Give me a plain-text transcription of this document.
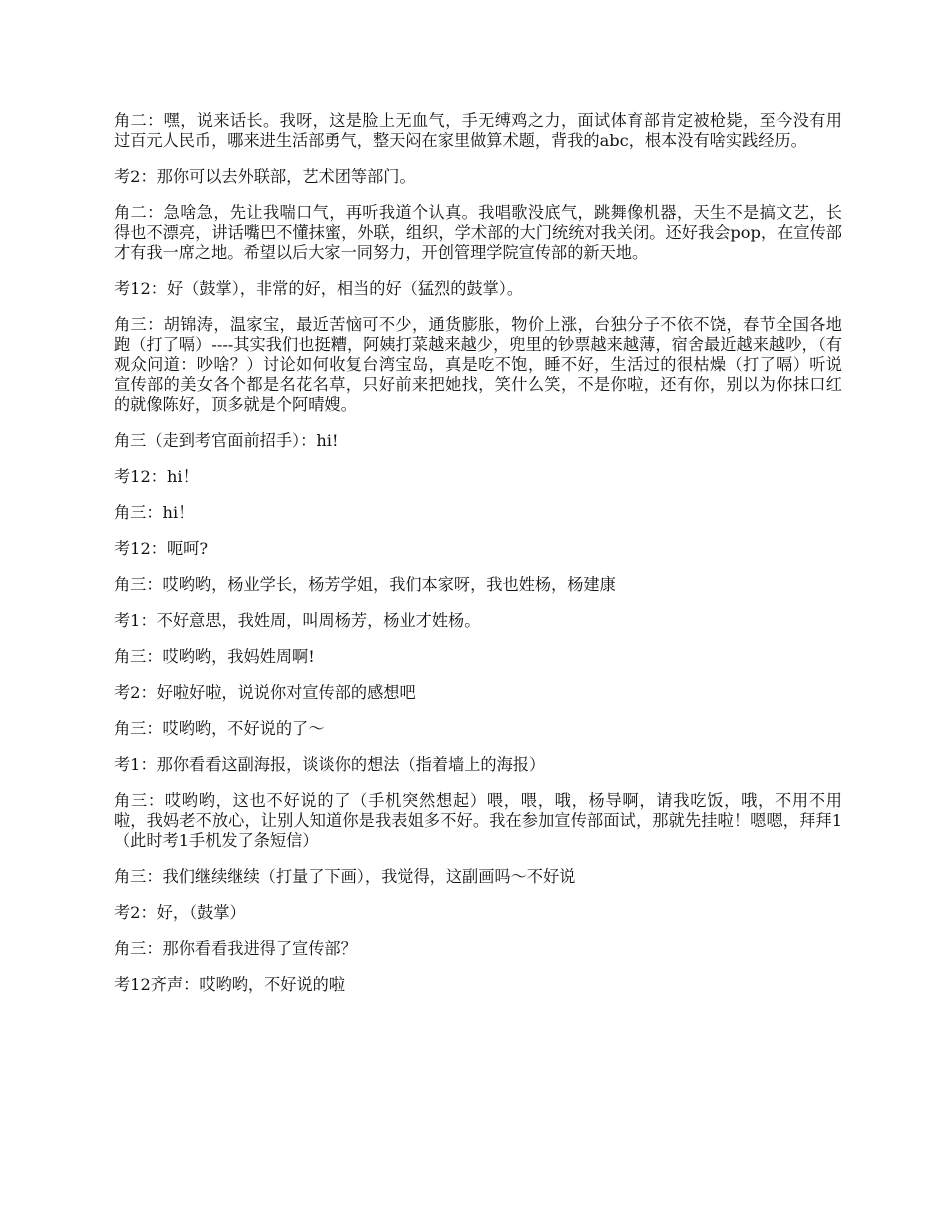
角二：嘿，说来话长。我呀，这是脸上无血气，手无缚鸡之力，面试体育部肯定被枪毙，至今没有用过百元人民币，哪来进生活部勇气，整天闷在家里做算术题，背我的abc，根本没有啥实践经历。

考2：那你可以去外联部，艺术团等部门。

角二：急啥急，先让我喘口气，再听我道个认真。我唱歌没底气，跳舞像机器，天生不是搞文艺，长得也不漂亮，讲话嘴巴不懂抹蜜，外联，组织，学术部的大门统统对我关闭。还好我会pop，在宣传部才有我一席之地。希望以后大家一同努力，开创管理学院宣传部的新天地。

考12：好（鼓掌），非常的好，相当的好（猛烈的鼓掌）。

角三：胡锦涛，温家宝，最近苦恼可不少，通货膨胀，物价上涨，台独分子不依不饶，春节全国各地跑（打了嗝）----其实我们也挺糟，阿姨打菜越来越少，兜里的钞票越来越薄，宿舍最近越来越吵，（有观众问道：吵啥？）讨论如何收复台湾宝岛，真是吃不饱，睡不好，生活过的很枯燥（打了嗝）听说宣传部的美女各个都是名花名草，只好前来把她找，笑什么笑，不是你啦，还有你，别以为你抹口红的就像陈好，顶多就是个阿晴嫂。

角三（走到考官面前招手）：hi!

考12：hi！

角三：hi！

考12：呃呵?

角三：哎哟哟，杨业学长，杨芳学姐，我们本家呀，我也姓杨，杨建康

考1：不好意思，我姓周，叫周杨芳，杨业才姓杨。

角三：哎哟哟，我妈姓周啊!

考2：好啦好啦，说说你对宣传部的感想吧

角三：哎哟哟，不好说的了～

考1：那你看看这副海报，谈谈你的想法（指着墙上的海报）

角三：哎哟哟，这也不好说的了（手机突然想起）喂，喂，哦，杨导啊，请我吃饭，哦，不用不用啦，我妈老不放心，让别人知道你是我表姐多不好。我在参加宣传部面试，那就先挂啦！嗯嗯，拜拜1（此时考1手机发了条短信）

角三：我们继续继续（打量了下画），我觉得，这副画吗～不好说

考2：好，（鼓掌）

角三：那你看看我进得了宣传部？

考12齐声：哎哟哟，不好说的啦
